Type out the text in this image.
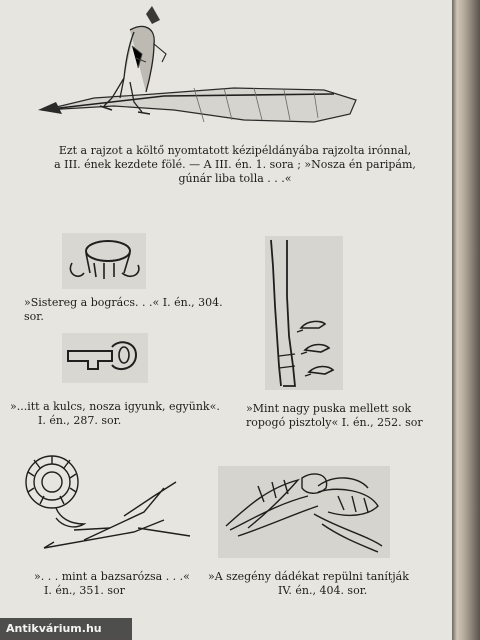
Ezt a rajzot a költő nyomtatott kézipéldányába rajzolta irónnal,
a III. ének kezdete fölé. — A III. én. 1. sora ; »Nosza én paripám,
gúnár liba tolla . . .«
»Sistereg a bogrács. . .« I. én., 304. sor.
»...itt a kulcs, nosza igyunk, együnk«.
I. én., 287. sor.
»Mint nagy puska mellett sok
ropogó pisztoly« I. én., 252. sor
». . . mint a bazsarózsa . . .«
I. én., 351. sor
»A szegény dádékat repülni tanítják
IV. én., 404. sor.
Antikvárium.hu
